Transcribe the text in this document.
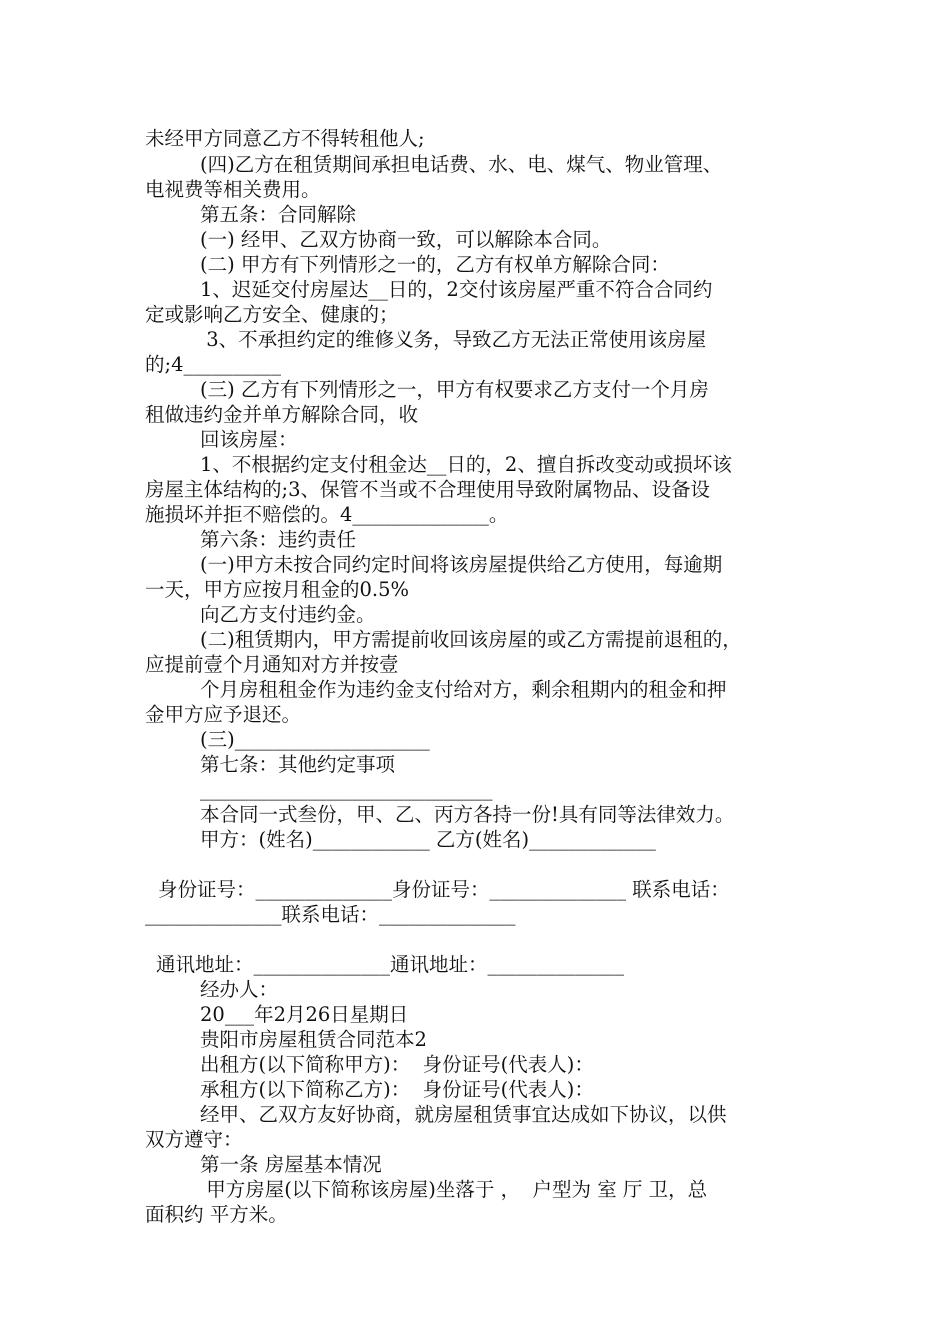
未经甲方同意乙方不得转租他人;
(四)乙方在租赁期间承担电话费、水、电、煤气、物业管理、
电视费等相关费用。
第五条：合同解除
(一) 经甲、乙双方协商一致，可以解除本合同。
(二) 甲方有下列情形之一的，乙方有权单方解除合同：
1、迟延交付房屋达__日的，2交付该房屋严重不符合合同约
定或影响乙方安全、健康的；
3、不承担约定的维修义务，导致乙方无法正常使用该房屋
的;4__________
(三) 乙方有下列情形之一，甲方有权要求乙方支付一个月房
租做违约金并单方解除合同，收
回该房屋：
1、不根据约定支付租金达__日的，2、擅自拆改变动或损坏该
房屋主体结构的;3、保管不当或不合理使用导致附属物品、设备设
施损坏并拒不赔偿的。4______________。
第六条：违约责任
(一)甲方未按合同约定时间将该房屋提供给乙方使用，每逾期
一天，甲方应按月租金的0.5%
向乙方支付违约金。
(二)租赁期内，甲方需提前收回该房屋的或乙方需提前退租的，
应提前壹个月通知对方并按壹
个月房租租金作为违约金支付给对方，剩余租期内的租金和押
金甲方应予退还。
(三)____________________
第七条：其他约定事项
______________________________
本合同一式叁份，甲、乙、丙方各持一份!具有同等法律效力。
甲方：(姓名)____________ 乙方(姓名)_____________
身份证号：______________身份证号：______________ 联系电话：
______________联系电话：______________
通讯地址：______________通讯地址：______________
经办人：
20___年2月26日星期日
贵阳市房屋租赁合同范本2
出租方(以下简称甲方)：  身份证号(代表人)：
承租方(以下简称乙方)：  身份证号(代表人)：
经甲、乙双方友好协商，就房屋租赁事宜达成如下协议，以供
双方遵守：
第一条 房屋基本情况
甲方房屋(以下简称该房屋)坐落于 ，  户型为 室 厅 卫，总
面积约 平方米。
